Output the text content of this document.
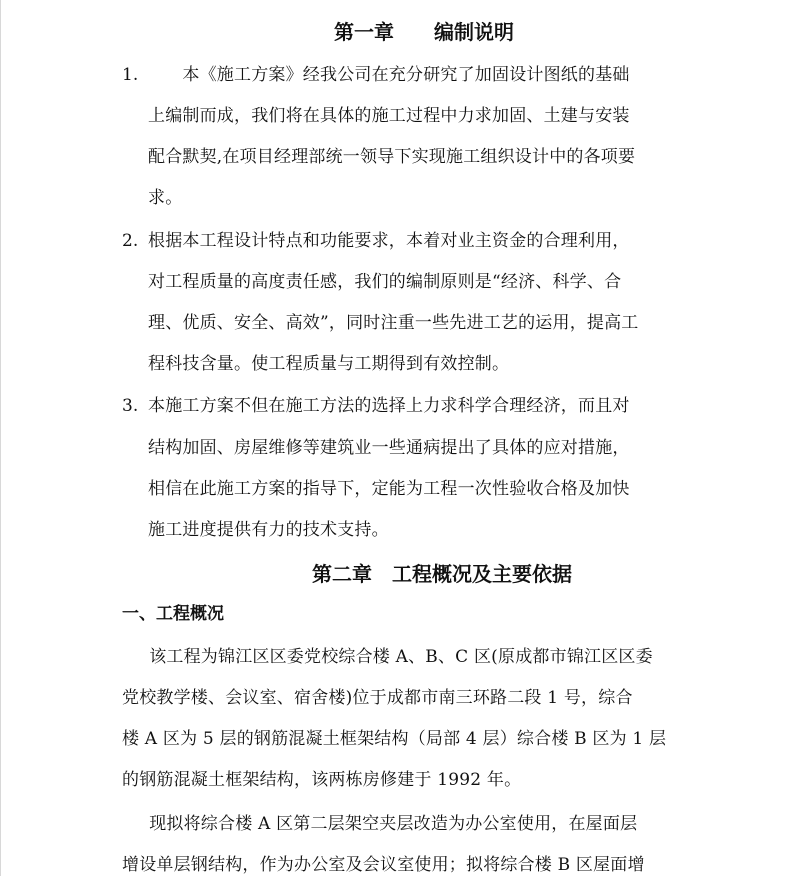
第一章　　编制说明
1. 　　本《施工方案》经我公司在充分研究了加固设计图纸的基础
上编制而成，我们将在具体的施工过程中力求加固、土建与安装
配合默契,在项目经理部统一领导下实现施工组织设计中的各项要
求。
2. 根据本工程设计特点和功能要求，本着对业主资金的合理利用，
对工程质量的高度责任感，我们的编制原则是“经济、科学、合
理、优质、安全、高效”，同时注重一些先进工艺的运用，提高工
程科技含量。使工程质量与工期得到有效控制。
3. 本施工方案不但在施工方法的选择上力求科学合理经济，而且对
结构加固、房屋维修等建筑业一些通病提出了具体的应对措施，
相信在此施工方案的指导下，定能为工程一次性验收合格及加快
施工进度提供有力的技术支持。
第二章　工程概况及主要依据
一、工程概况
　该工程为锦江区区委党校综合楼 A、B、C 区(原成都市锦江区区委
党校教学楼、会议室、宿舍楼)位于成都市南三环路二段 1 号，综合
楼 A 区为 5 层的钢筋混凝土框架结构（局部 4 层）综合楼 B 区为 1 层
的钢筋混凝土框架结构，该两栋房修建于 1992 年。
　现拟将综合楼 A 区第二层架空夹层改造为办公室使用，在屋面层
增设单层钢结构，作为办公室及会议室使用；拟将综合楼 B 区屋面增
